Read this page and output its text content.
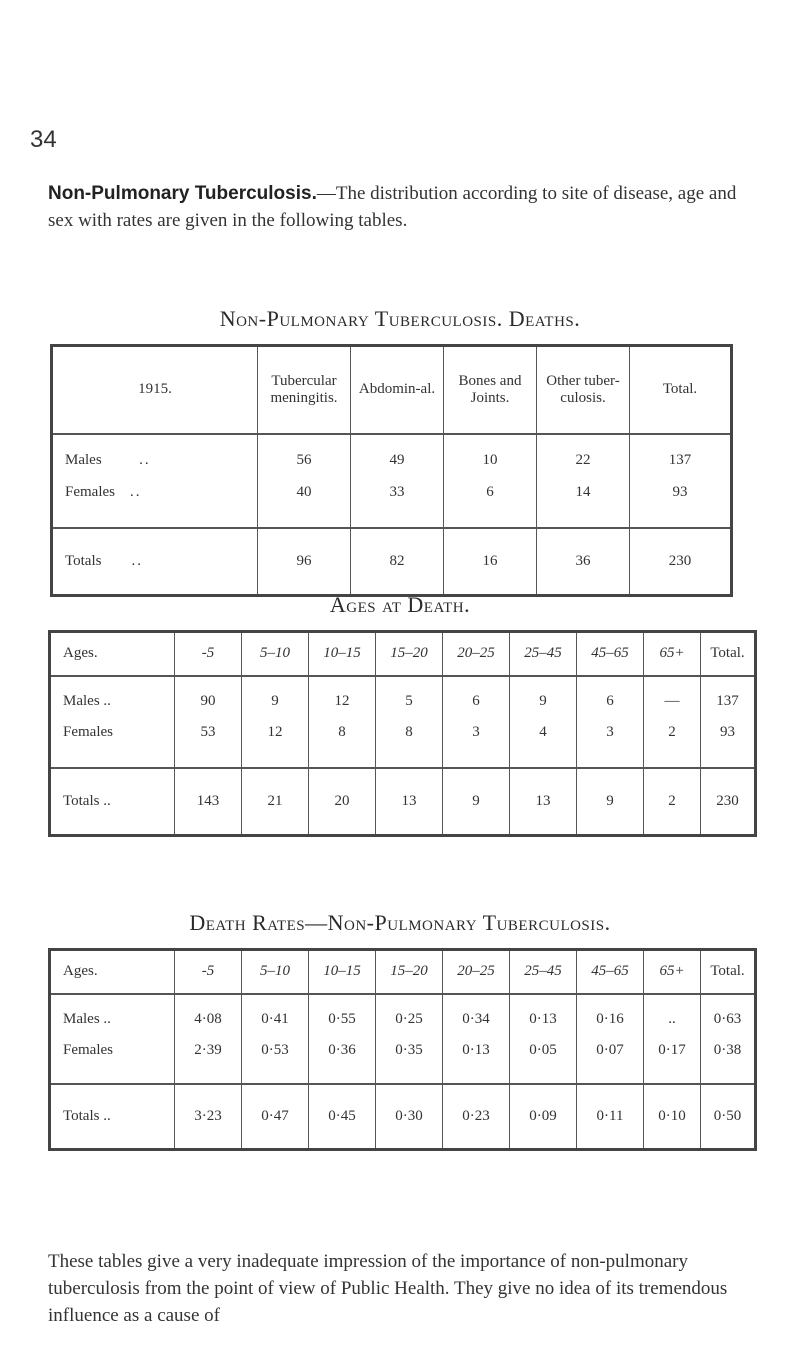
34
Non-Pulmonary Tuberculosis.—The distribution according to site of disease, age and sex with rates are given in the following tables.
Non-Pulmonary Tuberculosis. Deaths.
1915.	Tubercular meningitis.	Abdomin-al.	Bones and Joints.	Other tuber-culosis.	Total.
Males ..	56	49	10	22	137
Females ..	40	33	6	14	93
Totals ..	96	82	16	36	230
Ages at Death.
Ages.	-5	5–10	10–15	15–20	20–25	25–45	45–65	65+	Total.
Males ..	90	9	12	5	6	9	6	—	137
Females	53	12	8	8	3	4	3	2	93
Totals ..	143	21	20	13	9	13	9	2	230
Death Rates—Non-Pulmonary Tuberculosis.
Ages.	-5	5–10	10–15	15–20	20–25	25–45	45–65	65+	Total.
Males ..	4·08	0·41	0·55	0·25	0·34	0·13	0·16	..	0·63
Females	2·39	0·53	0·36	0·35	0·13	0·05	0·07	0·17	0·38
Totals ..	3·23	0·47	0·45	0·30	0·23	0·09	0·11	0·10	0·50
These tables give a very inadequate impression of the importance of non-pulmonary tuberculosis from the point of view of Public Health. They give no idea of its tremendous influence as a cause of
